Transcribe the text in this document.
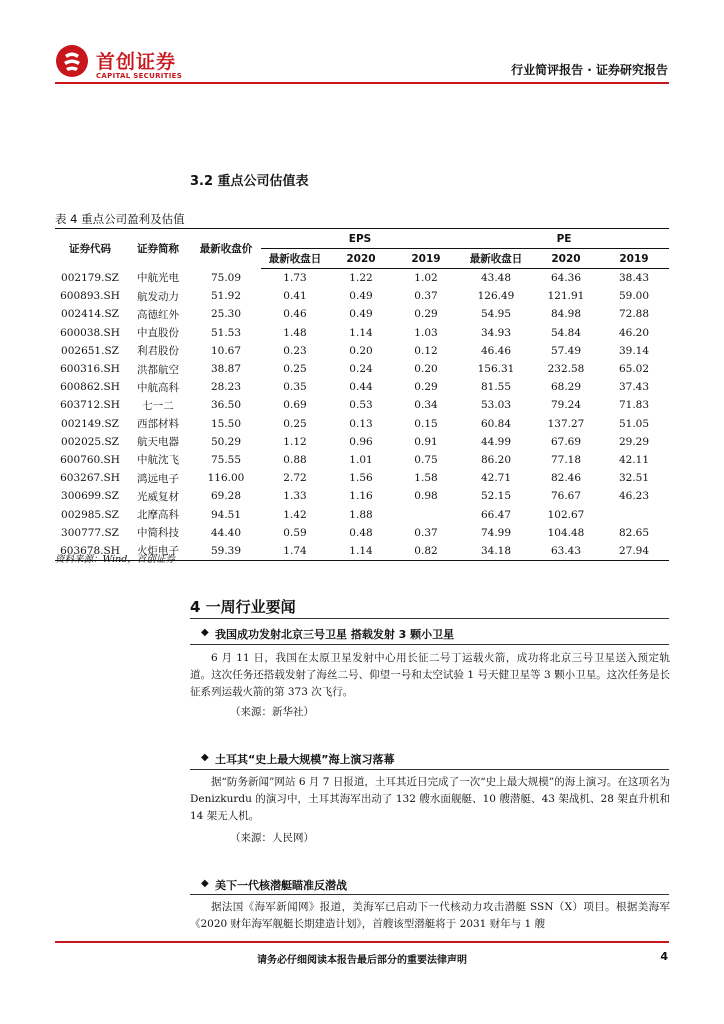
首创证券
CAPITAL SECURITIES	行业简评报告 · 证券研究报告
3.2 重点公司估值表
表 4 重点公司盈利及估值
证券代码	证券简称	最新收盘价	EPS			PE		
			最新收盘日	2020	2019	最新收盘日	2020	2019
002179.SZ	中航光电	75.09	1.73	1.22	1.02	43.48	64.36	38.43
600893.SH	航发动力	51.92	0.41	0.49	0.37	126.49	121.91	59.00
002414.SZ	高德红外	25.30	0.46	0.49	0.29	54.95	84.98	72.88
600038.SH	中直股份	51.53	1.48	1.14	1.03	34.93	54.84	46.20
002651.SZ	利君股份	10.67	0.23	0.20	0.12	46.46	57.49	39.14
600316.SH	洪都航空	38.87	0.25	0.24	0.20	156.31	232.58	65.02
600862.SH	中航高科	28.23	0.35	0.44	0.29	81.55	68.29	37.43
603712.SH	七一二	36.50	0.69	0.53	0.34	53.03	79.24	71.83
002149.SZ	西部材料	15.50	0.25	0.13	0.15	60.84	137.27	51.05
002025.SZ	航天电器	50.29	1.12	0.96	0.91	44.99	67.69	29.29
600760.SH	中航沈飞	75.55	0.88	1.01	0.75	86.20	77.18	42.11
603267.SH	鸿远电子	116.00	2.72	1.56	1.58	42.71	82.46	32.51
300699.SZ	光威复材	69.28	1.33	1.16	0.98	52.15	76.67	46.23
002985.SZ	北摩高科	94.51	1.42	1.88		66.47	102.67	
300777.SZ	中简科技	44.40	0.59	0.48	0.37	74.99	104.48	82.65
603678.SH	火炬电子	59.39	1.74	1.14	0.82	34.18	63.43	27.94
资料来源：Wind，首创证券
4 一周行业要闻
◆ 我国成功发射北京三号卫星 搭载发射 3 颗小卫星

6 月 11 日，我国在太原卫星发射中心用长征二号丁运载火箭，成功将北京三号卫星送入预定轨道。这次任务还搭载发射了海丝二号、仰望一号和太空试验 1 号天健卫星等 3 颗小卫星。这次任务是长征系列运载火箭的第 373 次飞行。

（来源：新华社）
◆ 土耳其“史上最大规模”海上演习落幕

据“防务新闻”网站 6 月 7 日报道，土耳其近日完成了一次“史上最大规模”的海上演习。在这项名为 Denizkurdu 的演习中，土耳其海军出动了 132 艘水面舰艇、10 艘潜艇、43 架战机、28 架直升机和 14 架无人机。

（来源：人民网）
◆ 美下一代核潜艇瞄准反潜战

据法国《海军新闻网》报道，美海军已启动下一代核动力攻击潜艇 SSN（X）项目。根据美海军《2020 财年海军舰艇长期建造计划》，首艘该型潜艇将于 2031 财年与 1 艘

请务必仔细阅读本报告最后部分的重要法律声明	4
